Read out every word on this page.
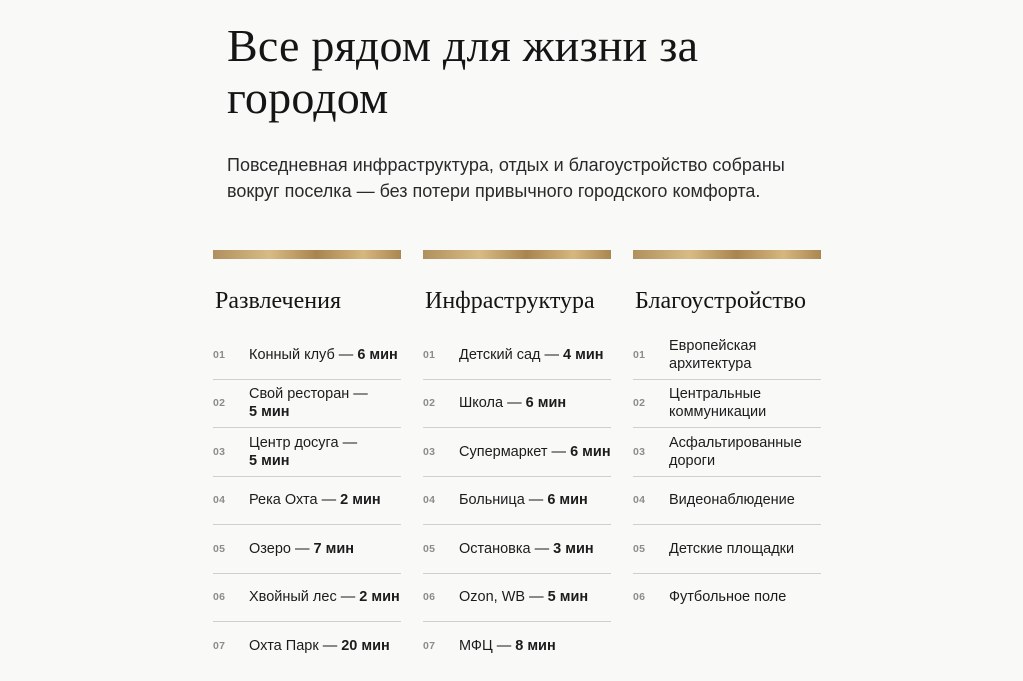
Все рядом для жизни за городом

Повседневная инфраструктура, отдых и благоустройство собраны вокруг поселка — без потери привычного городского комфорта.

Развлечения
01 Конный клуб — 6 мин
02
Свой ресторан — 5 мин
03
Центр досуга — 5 мин
04 Река Охта — 2 мин
05 Озеро — 7 мин
06 Хвойный лес — 2 мин
07 Охта Парк — 20 мин
Инфраструктура
01 Детский сад — 4 мин
02 Школа — 6 мин
03 Супермаркет — 6 мин
04 Больница — 6 мин
05 Остановка — 3 мин
06 Ozon, WB — 5 мин
07 МФЦ — 8 мин
Благоустройство
01
Европейская архитектура
02
Центральные коммуникации
03
Асфальтированные дороги
04 Видеонаблюдение
05 Детские площадки
06 Футбольное поле
